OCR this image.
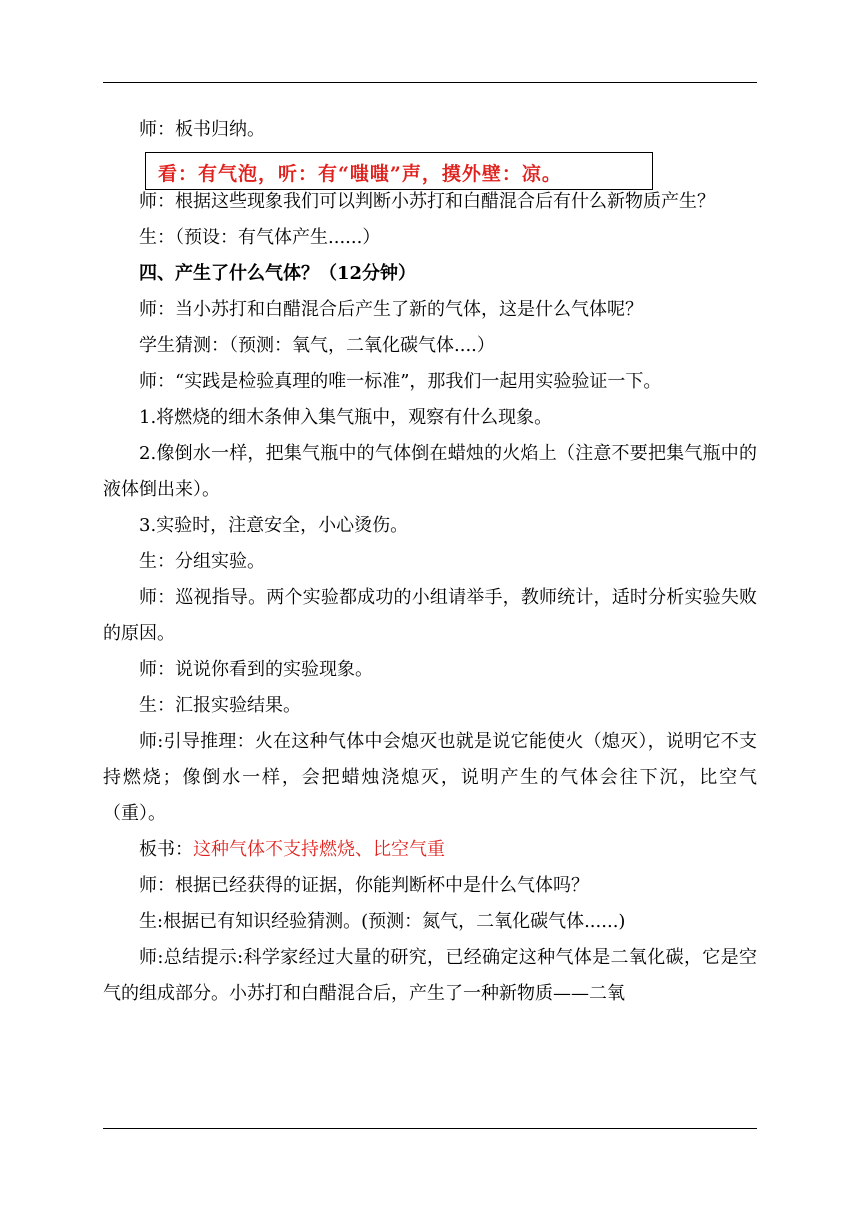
师：板书归纳。

看：有气泡，听：有“嗤嗤”声，摸外壁：凉。

师：根据这些现象我们可以判断小苏打和白醋混合后有什么新物质产生？

生：（预设：有气体产生......）

四、产生了什么气体？（12分钟）

师：当小苏打和白醋混合后产生了新的气体，这是什么气体呢？

学生猜测：（预测：氧气，二氧化碳气体....）

师：“实践是检验真理的唯一标准”，那我们一起用实验验证一下。

1.将燃烧的细木条伸入集气瓶中，观察有什么现象。

2.像倒水一样，把集气瓶中的气体倒在蜡烛的火焰上（注意不要把集气瓶中的液体倒出来）。

3.实验时，注意安全，小心烫伤。

生：分组实验。

师：巡视指导。两个实验都成功的小组请举手，教师统计，适时分析实验失败的原因。

师：说说你看到的实验现象。

生：汇报实验结果。

师:引导推理：火在这种气体中会熄灭也就是说它能使火（熄灭），说明它不支持燃烧；像倒水一样，会把蜡烛浇熄灭，说明产生的气体会往下沉，比空气（重）。

板书：这种气体不支持燃烧、比空气重

师：根据已经获得的证据，你能判断杯中是什么气体吗？

生:根据已有知识经验猜测。(预测：氮气，二氧化碳气体......)

师:总结提示:科学家经过大量的研究，已经确定这种气体是二氧化碳，它是空气的组成部分。小苏打和白醋混合后，产生了一种新物质——二氧
